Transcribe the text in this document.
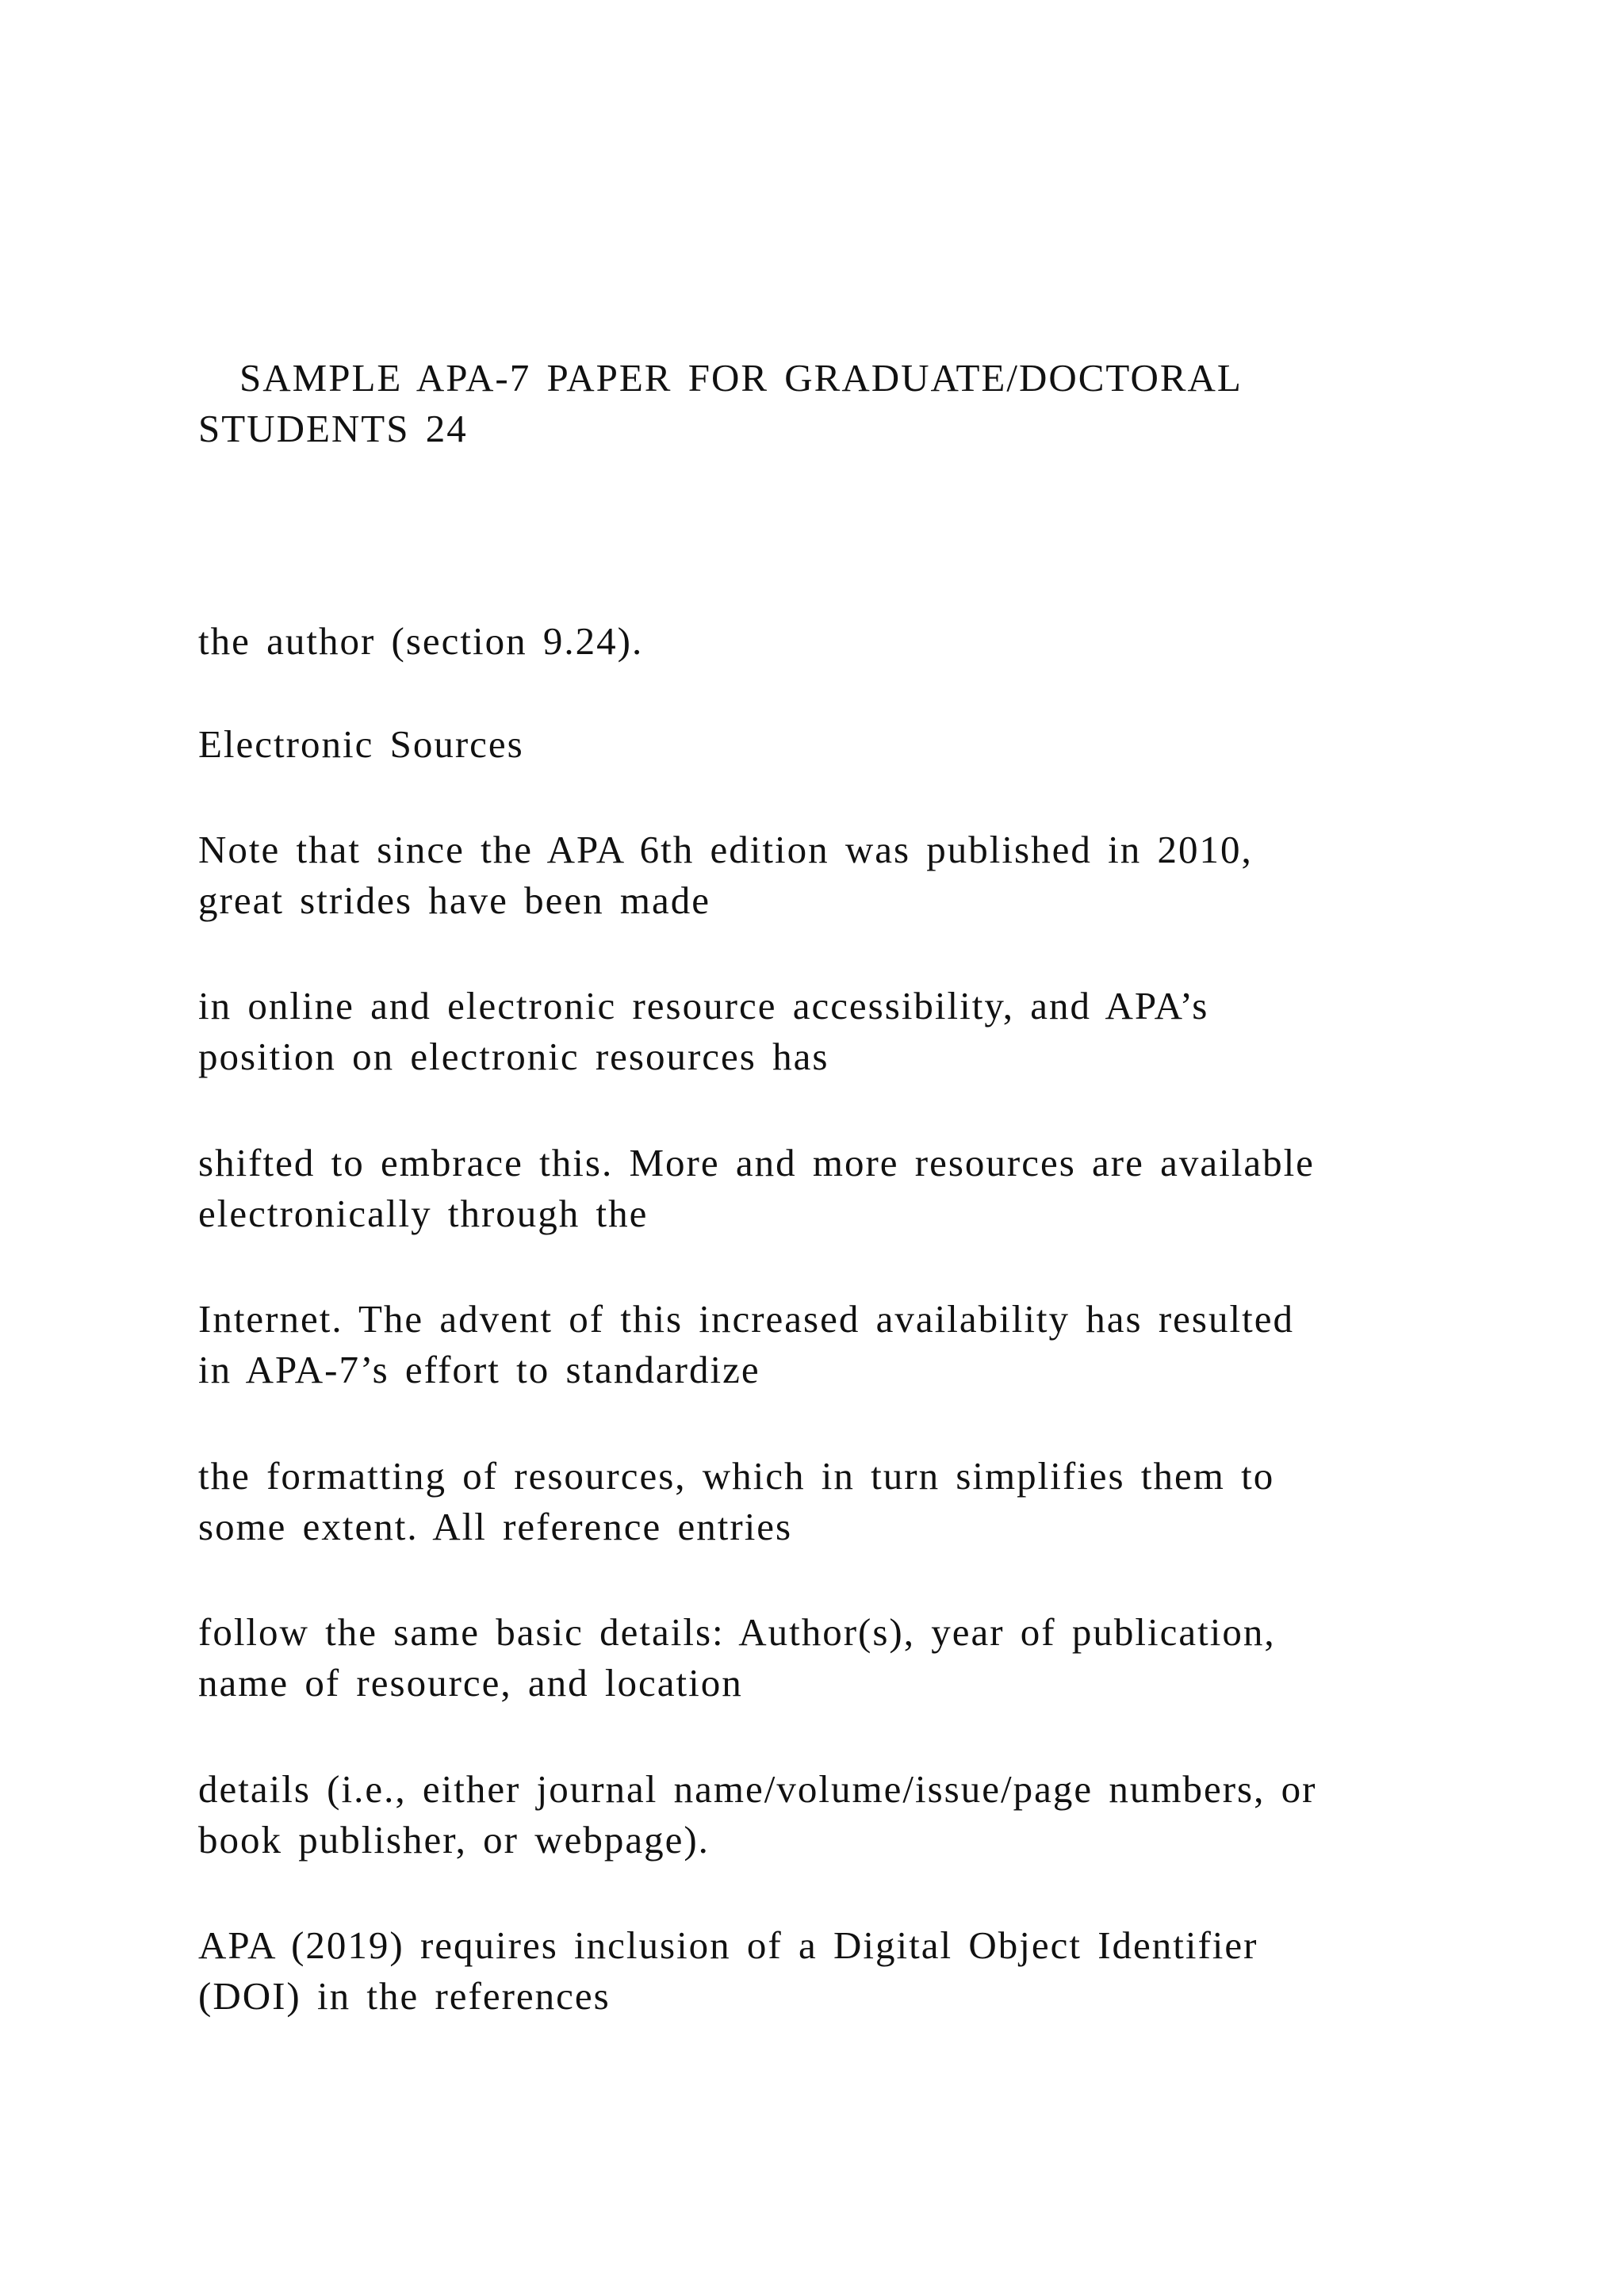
SAMPLE APA-7 PAPER FOR GRADUATE/DOCTORAL
STUDENTS 24
the author (section 9.24).
Electronic Sources
Note that since the APA 6th edition was published in 2010,
great strides have been made
in online and electronic resource accessibility, and APA’s
position on electronic resources has
shifted to embrace this. More and more resources are available
electronically through the
Internet. The advent of this increased availability has resulted
in APA-7’s effort to standardize
the formatting of resources, which in turn simplifies them to
some extent. All reference entries
follow the same basic details: Author(s), year of publication,
name of resource, and location
details (i.e., either journal name/volume/issue/page numbers, or
book publisher, or webpage).
APA (2019) requires inclusion of a Digital Object Identifier
(DOI) in the references
